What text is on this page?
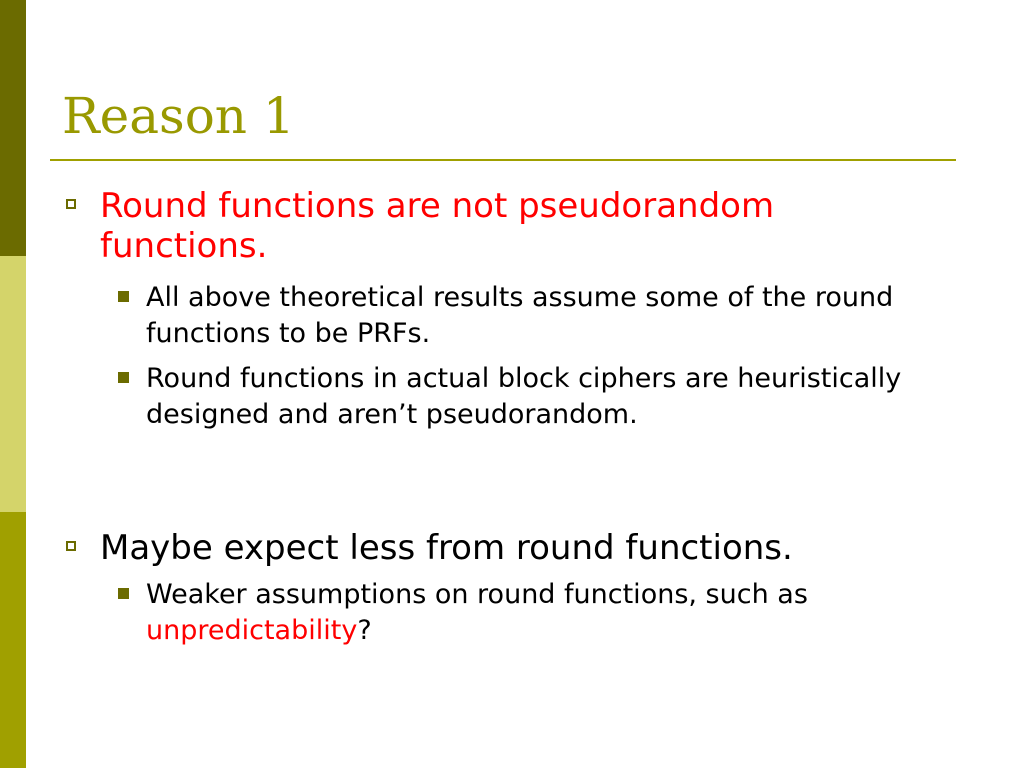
Reason 1
Round functions are not pseudorandom functions.
All above theoretical results assume some of the round functions to be PRFs.
Round functions in actual block ciphers are heuristically designed and aren’t pseudorandom.
Maybe expect less from round functions.
Weaker assumptions on round functions, such as unpredictability?
